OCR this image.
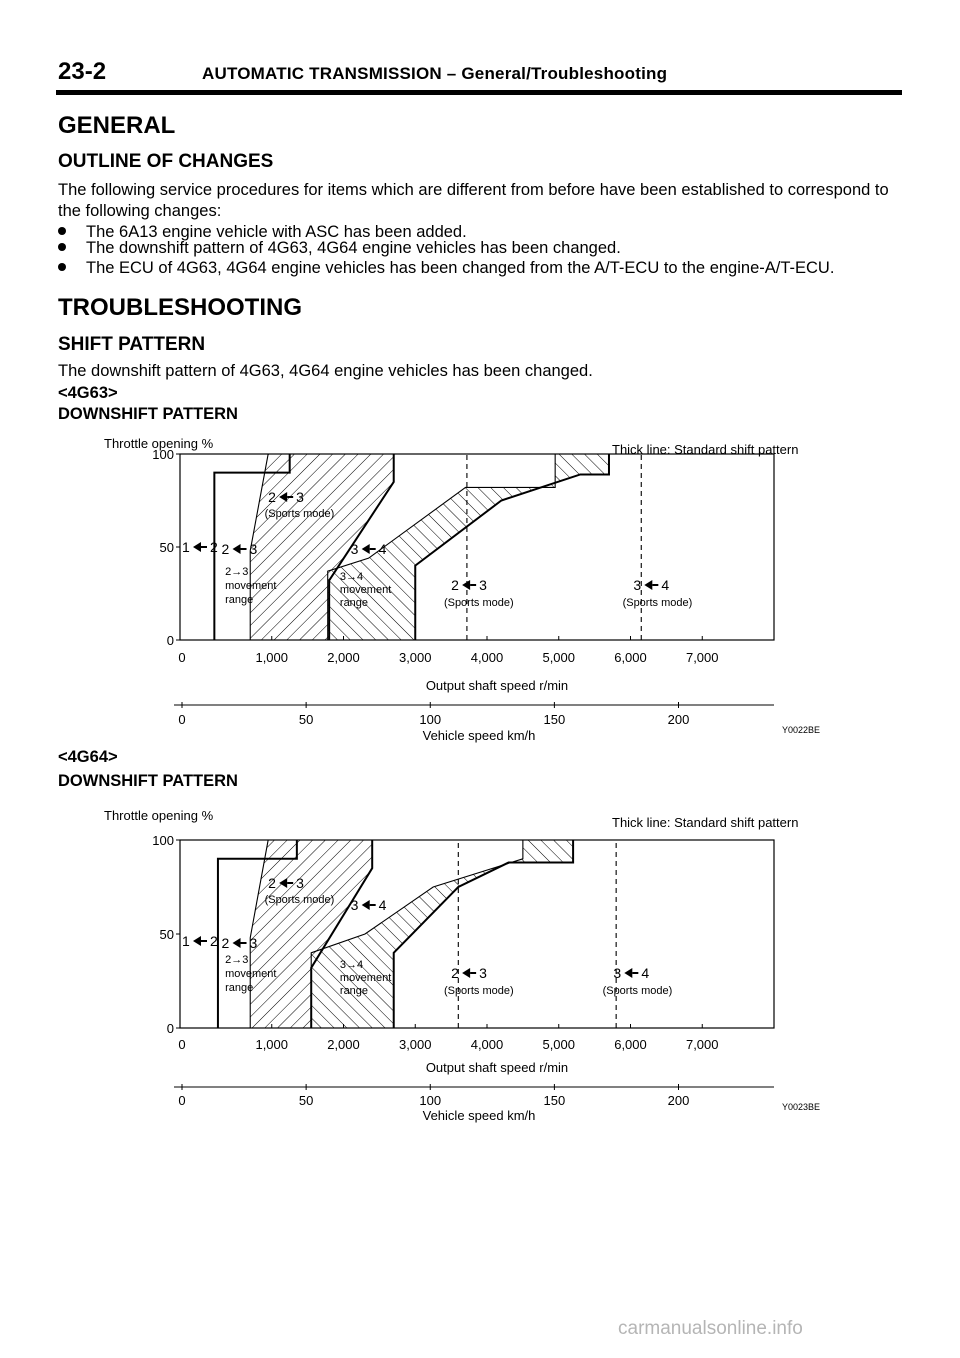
23-2	AUTOMATIC TRANSMISSION – General/Troubleshooting
GENERAL
OUTLINE OF CHANGES
The following service procedures for items which are different from before have been established to correspond to the following changes:
The 6A13 engine vehicle with ASC has been added.
The downshift pattern of 4G63, 4G64 engine vehicles has been changed.
The ECU of 4G63, 4G64 engine vehicles has been changed from the A/T-ECU to the engine-A/T-ECU.
TROUBLESHOOTING
SHIFT PATTERN
The downshift pattern of 4G63, 4G64 engine vehicles has been changed.
<4G63>
DOWNSHIFT PATTERN
Throttle opening %	Thick line: Standard shift pattern
0
50
100
0	1,000	2,000	3,000	4,000	5,000	6,000	7,000
Output shaft speed r/min
0	50	100	150	200
Vehicle speed km/h	Y0022BE
2 3
(Sports mode)
1 2 2 3	3 4
2 3
(Sports mode)
3 4
(Sports mode)
2→3
movement
range
3→4
movement
range
<4G64>
DOWNSHIFT PATTERN
Throttle opening %	Thick line: Standard shift pattern
0
50
100
0	1,000	2,000	3,000	4,000	5,000	6,000	7,000
Output shaft speed r/min
0	50	100	150	200
Vehicle speed km/h
Y0023BE
2 3
(Sports mode)
1 2 2 3
3 4
2 3
(Sports mode)
3 4
(Sports mode)
2→3
movement
range
3→4
movement
range
carmanualsonline.info
